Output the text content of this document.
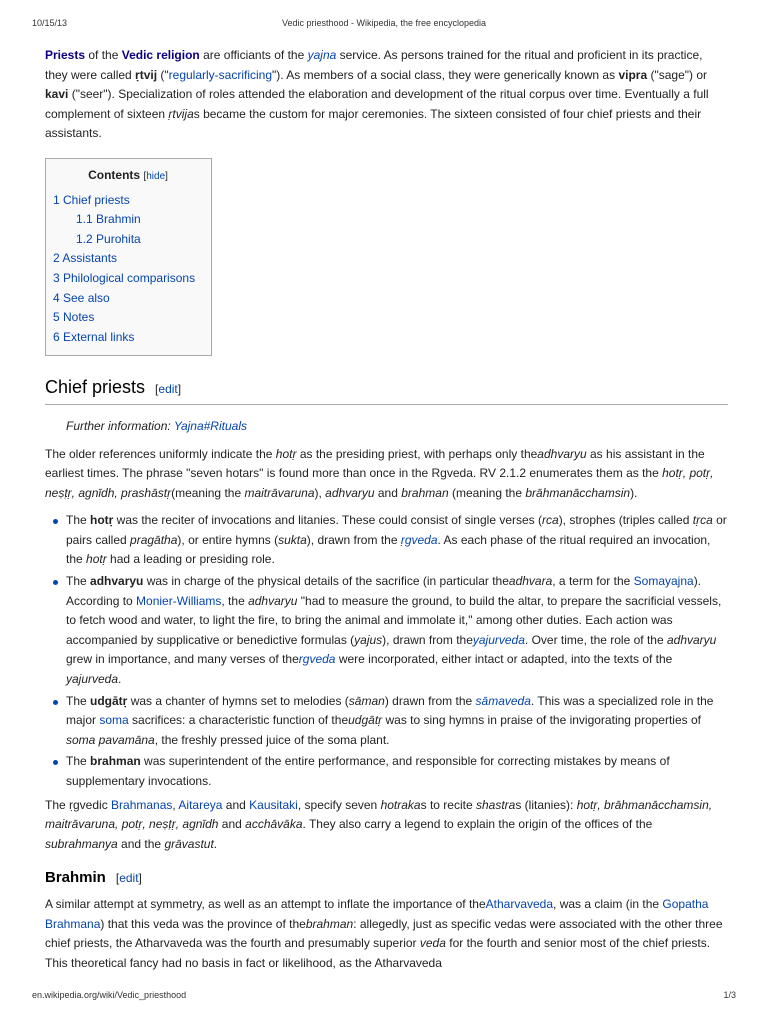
10/15/13	Vedic priesthood - Wikipedia, the free encyclopedia

Priests of the Vedic religion are officiants of the yajna service. As persons trained for the ritual and proficient in its practice, they were called ṛtvij ("regularly-sacrificing"). As members of a social class, they were generically known as vipra ("sage") or kavi ("seer"). Specialization of roles attended the elaboration and development of the ritual corpus over time. Eventually a full complement of sixteen ṛtvijas became the custom for major ceremonies. The sixteen consisted of four chief priests and their assistants.

Contents [hide]
1 Chief priests
1.1 Brahmin
1.2 Purohita
2 Assistants
3 Philological comparisons
4 See also
5 Notes
6 External links
Chief priests [edit]

Further information: Yajna#Rituals

The older references uniformly indicate the hotṛ as the presiding priest, with perhaps only theadhvaryu as his assistant in the earliest times. The phrase "seven hotars" is found more than once in the Rgveda. RV 2.1.2 enumerates them as the hotṛ, potṛ, neṣṭṛ, agnīdh, prashāstṛ(meaning the maitrāvaruna), adhvaryu and brahman (meaning the brāhmanācchamsin).

The hotṛ was the reciter of invocations and litanies. These could consist of single verses (rca), strophes (triples called tṛca or pairs called pragātha), or entire hymns (sukta), drawn from the ṛgveda. As each phase of the ritual required an invocation, the hotṛ had a leading or presiding role.
The adhvaryu was in charge of the physical details of the sacrifice (in particular theadhvara, a term for the Somayajna). According to Monier-Williams, the adhvaryu "had to measure the ground, to build the altar, to prepare the sacrificial vessels, to fetch wood and water, to light the fire, to bring the animal and immolate it," among other duties. Each action was accompanied by supplicative or benedictive formulas (yajus), drawn from theyajurveda. Over time, the role of the adhvaryu grew in importance, and many verses of thergveda were incorporated, either intact or adapted, into the texts of the yajurveda.
The udgātṛ was a chanter of hymns set to melodies (sāman) drawn from the sāmaveda. This was a specialized role in the major soma sacrifices: a characteristic function of theudgātṛ was to sing hymns in praise of the invigorating properties of soma pavamāna, the freshly pressed juice of the soma plant.
The brahman was superintendent of the entire performance, and responsible for correcting mistakes by means of supplementary invocations.

The ṛgvedic Brahmanas, Aitareya and Kausitaki, specify seven hotrakas to recite shastras (litanies): hotṛ, brāhmanācchamsin, maitrāvaruna, potṛ, neṣṭṛ, agnīdh and acchāvāka. They also carry a legend to explain the origin of the offices of the subrahmanya and the grāvastut.

Brahmin [edit]

A similar attempt at symmetry, as well as an attempt to inflate the importance of theAtharvaveda, was a claim (in the Gopatha Brahmana) that this veda was the province of thebrahman: allegedly, just as specific vedas were associated with the other three chief priests, the Atharvaveda was the fourth and presumably superior veda for the fourth and senior most of the chief priests. This theoretical fancy had no basis in fact or likelihood, as the Atharvaveda

en.wikipedia.org/wiki/Vedic_priesthood	1/3
